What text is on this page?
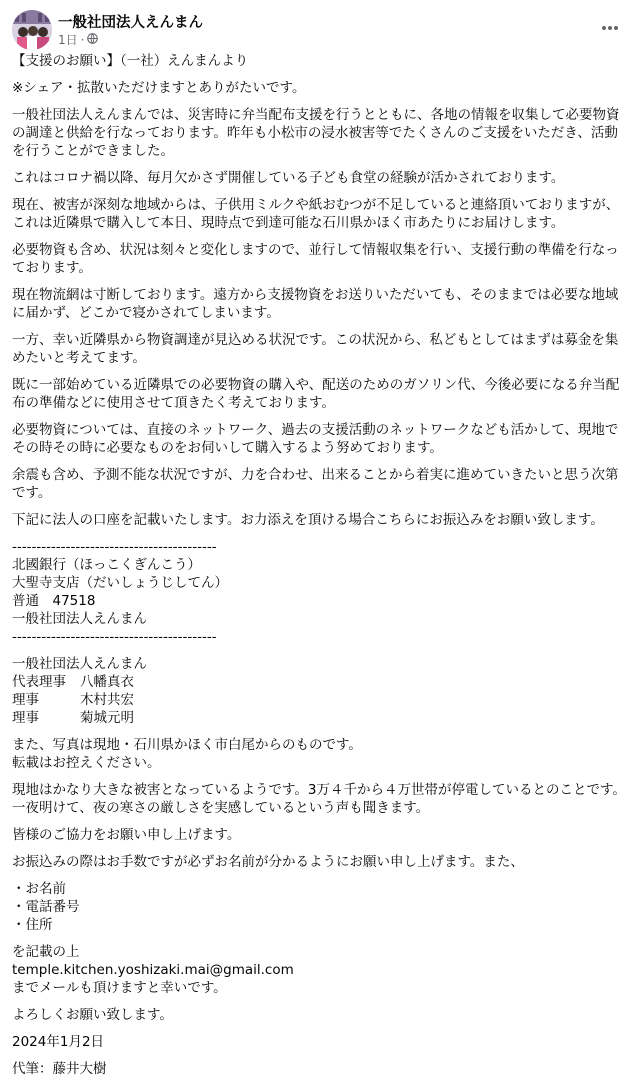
一般社団法人えんまん
1日 ·

【支援のお願い】（一社）えんまんより

※シェア・拡散いただけますとありがたいです。

一般社団法人えんまんでは、災害時に弁当配布支援を行うとともに、各地の情報を収集して必要物資の調達と供給を行なっております。昨年も小松市の浸水被害等でたくさんのご支援をいただき、活動を行うことができました。

これはコロナ禍以降、毎月欠かさず開催している子ども食堂の経験が活かされております。

現在、被害が深刻な地域からは、子供用ミルクや紙おむつが不足していると連絡頂いておりますが、これは近隣県で購入して本日、現時点で到達可能な石川県かほく市あたりにお届けします。

必要物資も含め、状況は刻々と変化しますので、並行して情報収集を行い、支援行動の準備を行なっております。

現在物流網は寸断しております。遠方から支援物資をお送りいただいても、そのままでは必要な地域に届かず、どこかで寝かされてしまいます。

一方、幸い近隣県から物資調達が見込める状況です。この状況から、私どもとしてはまずは募金を集めたいと考えてます。

既に一部始めている近隣県での必要物資の購入や、配送のためのガソリン代、今後必要になる弁当配布の準備などに使用させて頂きたく考えております。

必要物資については、直接のネットワーク、過去の支援活動のネットワークなども活かして、現地でその時その時に必要なものをお伺いして購入するよう努めております。

余震も含め、予測不能な状況ですが、力を合わせ、出来ることから着実に進めていきたいと思う次第です。

下記に法人の口座を記載いたします。お力添えを頂ける場合こちらにお振込みをお願い致します。

------------------------------------------
北國銀行（ほっこくぎんこう）
大聖寺支店（だいしょうじしてん）
普通　47518
一般社団法人えんまん
------------------------------------------
一般社団法人えんまん
代表理事	八幡真衣
理事	木村共宏
理事	菊城元明
また、写真は現地・石川県かほく市白尾からのものです。
転載はお控えください。
現地はかなり大きな被害となっているようです。3万４千から４万世帯が停電しているとのことです。
一夜明けて、夜の寒さの厳しさを実感しているという声も聞きます。

皆様のご協力をお願い申し上げます。

お振込みの際はお手数ですが必ずお名前が分かるようにお願い申し上げます。また、

・お名前
・電話番号
・住所
を記載の上
temple.kitchen.yoshizaki.mai@gmail.com
までメールも頂けますと幸いです。

よろしくお願い致します。

2024年1月2日

代筆：藤井大樹
